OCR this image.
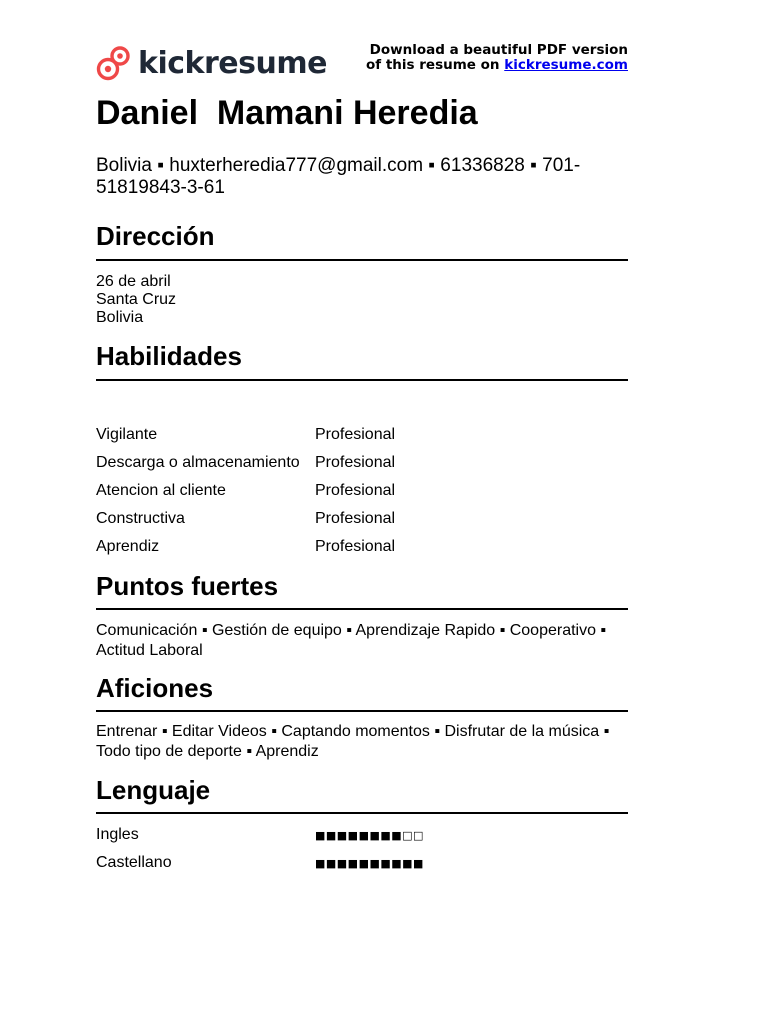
kickresume	Download a beautiful PDF version
of this resume on kickresume.com
Daniel  Mamani Heredia
Bolivia ▪ huxterheredia777@gmail.com ▪ 61336828 ▪ 701-51819843-3-61
Dirección
26 de abril
Santa Cruz
Bolivia
Habilidades
Vigilante	Profesional
Descarga o almacenamiento Profesional
Atencion al cliente	Profesional
Constructiva	Profesional
Aprendiz	Profesional
Puntos fuertes
Comunicación ▪ Gestión de equipo ▪ Aprendizaje Rapido ▪ Cooperativo ▪ Actitud Laboral
Aficiones
Entrenar ▪ Editar Videos ▪ Captando momentos ▪ Disfrutar de la música ▪ Todo tipo de deporte ▪ Aprendiz
Lenguaje
Ingles	■■■■■■■■□□
Castellano	■■■■■■■■■■
